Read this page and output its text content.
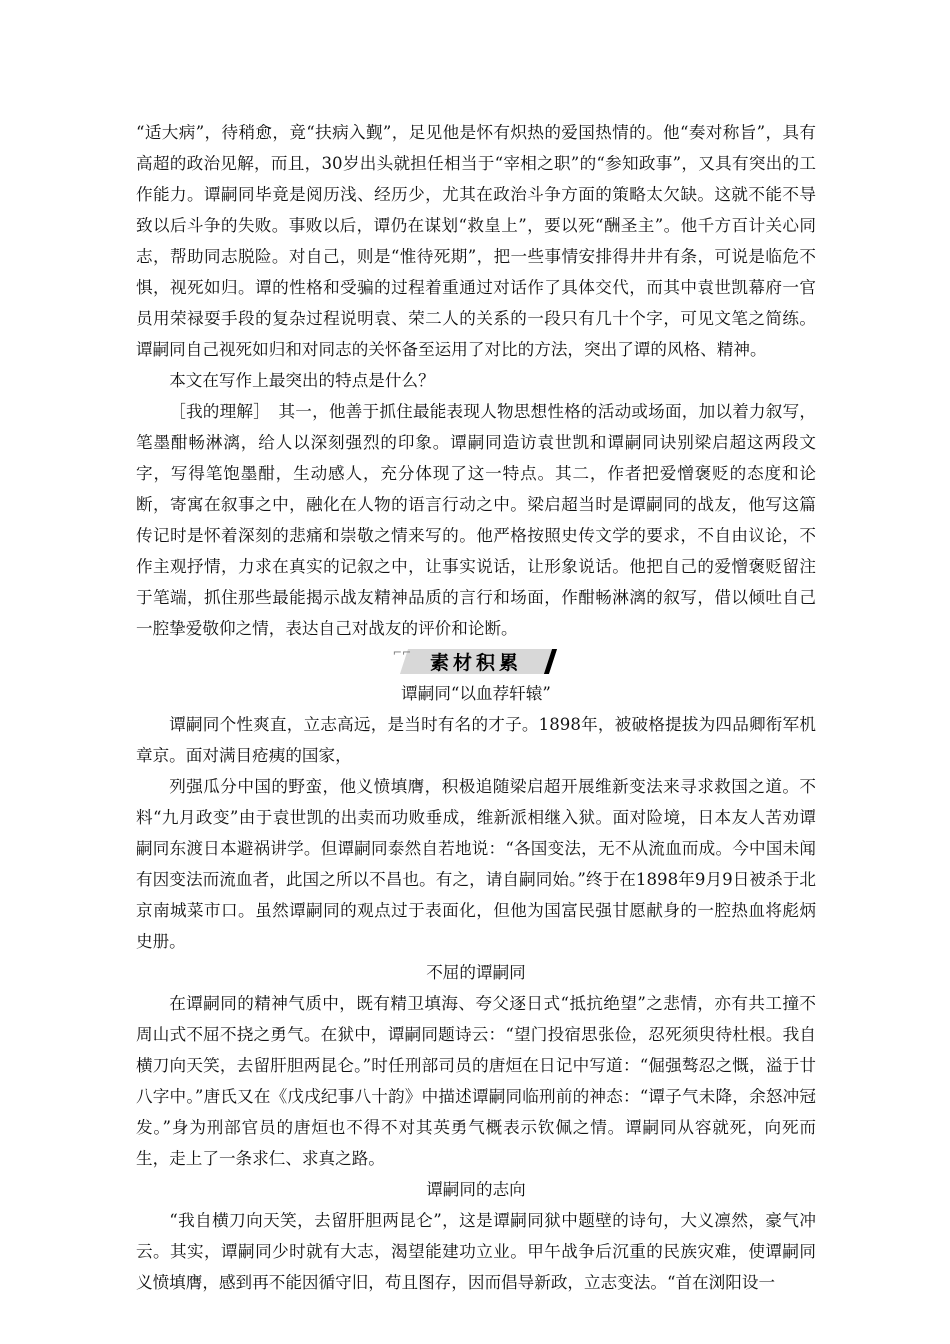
“适大病”，待稍愈，竟“扶病入觐”，足见他是怀有炽热的爱国热情的。他“奏对称旨”，具有高超的政治见解，而且，30岁出头就担任相当于“宰相之职”的“参知政事”，又具有突出的工作能力。谭嗣同毕竟是阅历浅、经历少，尤其在政治斗争方面的策略太欠缺。这就不能不导致以后斗争的失败。事败以后，谭仍在谋划“救皇上”，要以死“酬圣主”。他千方百计关心同志，帮助同志脱险。对自己，则是“惟待死期”，把一些事情安排得井井有条，可说是临危不惧，视死如归。谭的性格和受骗的过程着重通过对话作了具体交代，而其中袁世凯幕府一官员用荣禄耍手段的复杂过程说明袁、荣二人的关系的一段只有几十个字，可见文笔之简练。谭嗣同自己视死如归和对同志的关怀备至运用了对比的方法，突出了谭的风格、精神。

本文在写作上最突出的特点是什么？

［我的理解］　其一，他善于抓住最能表现人物思想性格的活动或场面，加以着力叙写，笔墨酣畅淋漓，给人以深刻强烈的印象。谭嗣同造访袁世凯和谭嗣同诀别梁启超这两段文字，写得笔饱墨酣，生动感人，充分体现了这一特点。其二，作者把爱憎褒贬的态度和论断，寄寓在叙事之中，融化在人物的语言行动之中。梁启超当时是谭嗣同的战友，他写这篇传记时是怀着深刻的悲痛和崇敬之情来写的。他严格按照史传文学的要求，不自由议论，不作主观抒情，力求在真实的记叙之中，让事实说话，让形象说话。他把自己的爱憎褒贬留注于笔端，抓住那些最能揭示战友精神品质的言行和场面，作酣畅淋漓的叙写，借以倾吐自己一腔挚爱敬仰之情，表达自己对战友的评价和论断。

⌐⌐ 素材积累

谭嗣同“以血荐轩辕”

谭嗣同个性爽直，立志高远，是当时有名的才子。1898年，被破格提拔为四品卿衔军机章京。面对满目疮痍的国家，

列强瓜分中国的野蛮，他义愤填膺，积极追随梁启超开展维新变法来寻求救国之道。不料“九月政变”由于袁世凯的出卖而功败垂成，维新派相继入狱。面对险境，日本友人苦劝谭嗣同东渡日本避祸讲学。但谭嗣同泰然自若地说：“各国变法，无不从流血而成。今中国未闻有因变法而流血者，此国之所以不昌也。有之，请自嗣同始。”终于在1898年9月9日被杀于北京南城菜市口。虽然谭嗣同的观点过于表面化，但他为国富民强甘愿献身的一腔热血将彪炳史册。

不屈的谭嗣同

在谭嗣同的精神气质中，既有精卫填海、夸父逐日式“抵抗绝望”之悲情，亦有共工撞不周山式不屈不挠之勇气。在狱中，谭嗣同题诗云：“望门投宿思张俭，忍死须臾待杜根。我自横刀向天笑，去留肝胆两昆仑。”时任刑部司员的唐烜在日记中写道：“倔强骜忍之慨，溢于廿八字中。”唐氏又在《戊戌纪事八十韵》中描述谭嗣同临刑前的神态：“谭子气未降，余怒冲冠发。”身为刑部官员的唐烜也不得不对其英勇气概表示钦佩之情。谭嗣同从容就死，向死而生，走上了一条求仁、求真之路。

谭嗣同的志向

“我自横刀向天笑，去留肝胆两昆仑”，这是谭嗣同狱中题壁的诗句，大义凛然，豪气冲云。其实，谭嗣同少时就有大志，渴望能建功立业。甲午战争后沉重的民族灾难，使谭嗣同义愤填膺，感到再不能因循守旧，苟且图存，因而倡导新政，立志变法。“首在浏阳设一
